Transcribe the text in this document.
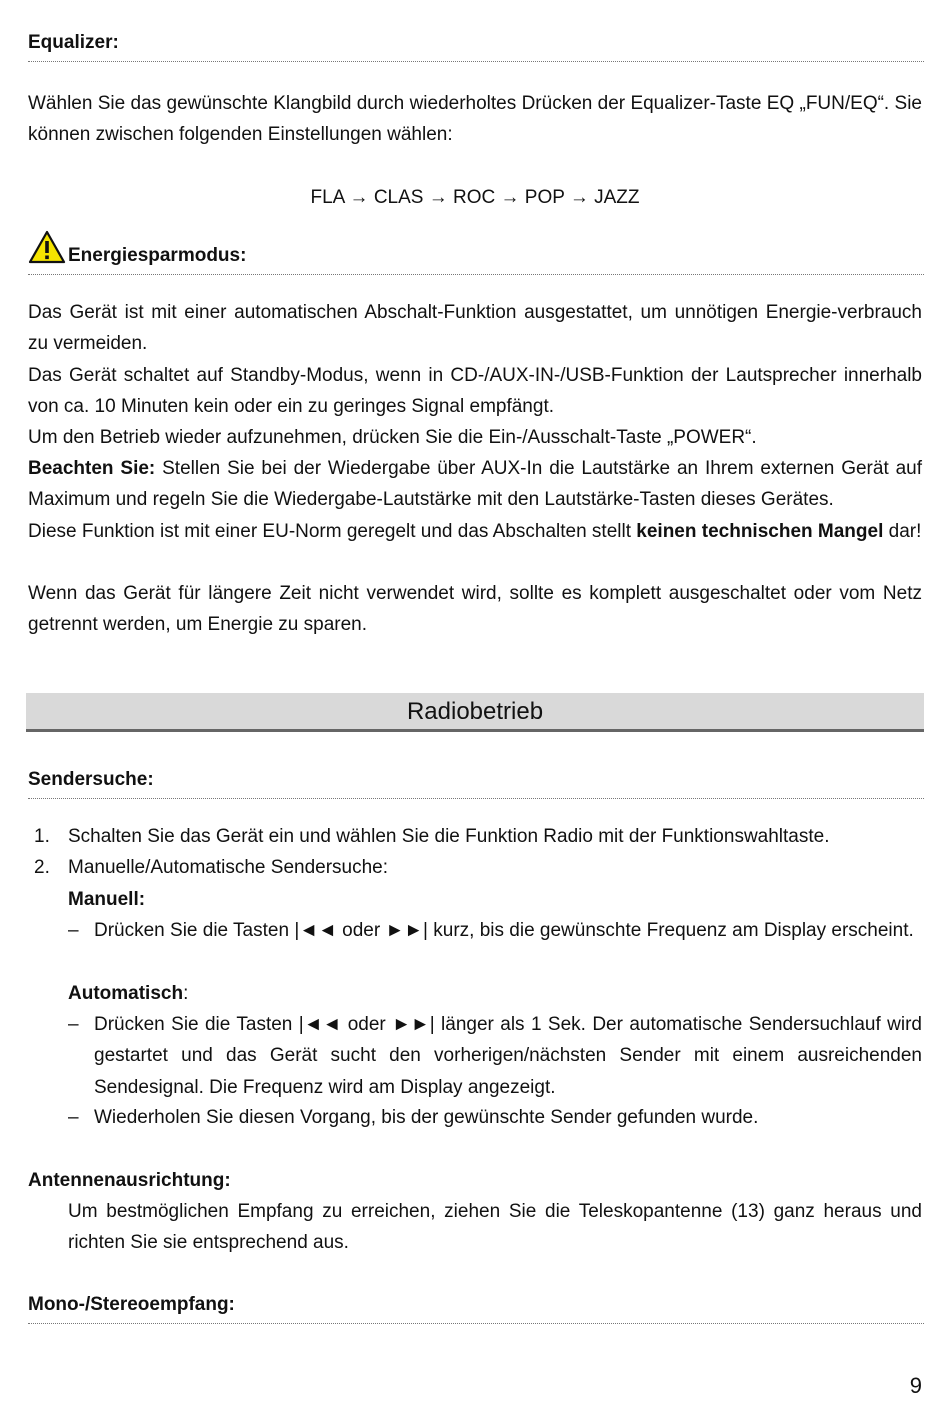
Equalizer:
Wählen Sie das gewünschte Klangbild durch wiederholtes Drücken der Equalizer-Taste EQ „FUN/EQ“. Sie können zwischen folgenden Einstellungen wählen:
FLA → CLAS → ROC → POP → JAZZ
Energiesparmodus:
Das Gerät ist mit einer automatischen Abschalt-Funktion ausgestattet, um unnötigen Energie-verbrauch zu vermeiden.
Das Gerät schaltet auf Standby-Modus, wenn in CD-/AUX-IN-/USB-Funktion der Lautsprecher innerhalb von ca. 10 Minuten kein oder ein zu geringes Signal empfängt.
Um den Betrieb wieder aufzunehmen, drücken Sie die Ein-/Ausschalt-Taste „POWER“.
Beachten Sie: Stellen Sie bei der Wiedergabe über AUX-In die Lautstärke an Ihrem externen Gerät auf Maximum und regeln Sie die Wiedergabe-Lautstärke mit den Lautstärke-Tasten dieses Gerätes.
Diese Funktion ist mit einer EU-Norm geregelt und das Abschalten stellt keinen technischen Mangel dar!
Wenn das Gerät für längere Zeit nicht verwendet wird, sollte es komplett ausgeschaltet oder vom Netz getrennt werden, um Energie zu sparen.
Radiobetrieb
Sendersuche:
1. Schalten Sie das Gerät ein und wählen Sie die Funktion Radio mit der Funktionswahltaste.
2. Manuelle/Automatische Sendersuche:
Manuell:
– Drücken Sie die Tasten |◄◄ oder ►►| kurz, bis die gewünschte Frequenz am Display erscheint.
Automatisch:
– Drücken Sie die Tasten |◄◄ oder ►►| länger als 1 Sek. Der automatische Sendersuchlauf wird gestartet und das Gerät sucht den vorherigen/nächsten Sender mit einem ausreichenden Sendesignal. Die Frequenz wird am Display angezeigt.
– Wiederholen Sie diesen Vorgang, bis der gewünschte Sender gefunden wurde.
Antennenausrichtung:
Um bestmöglichen Empfang zu erreichen, ziehen Sie die Teleskopantenne (13) ganz heraus und richten Sie sie entsprechend aus.
Mono-/Stereoempfang:
9
